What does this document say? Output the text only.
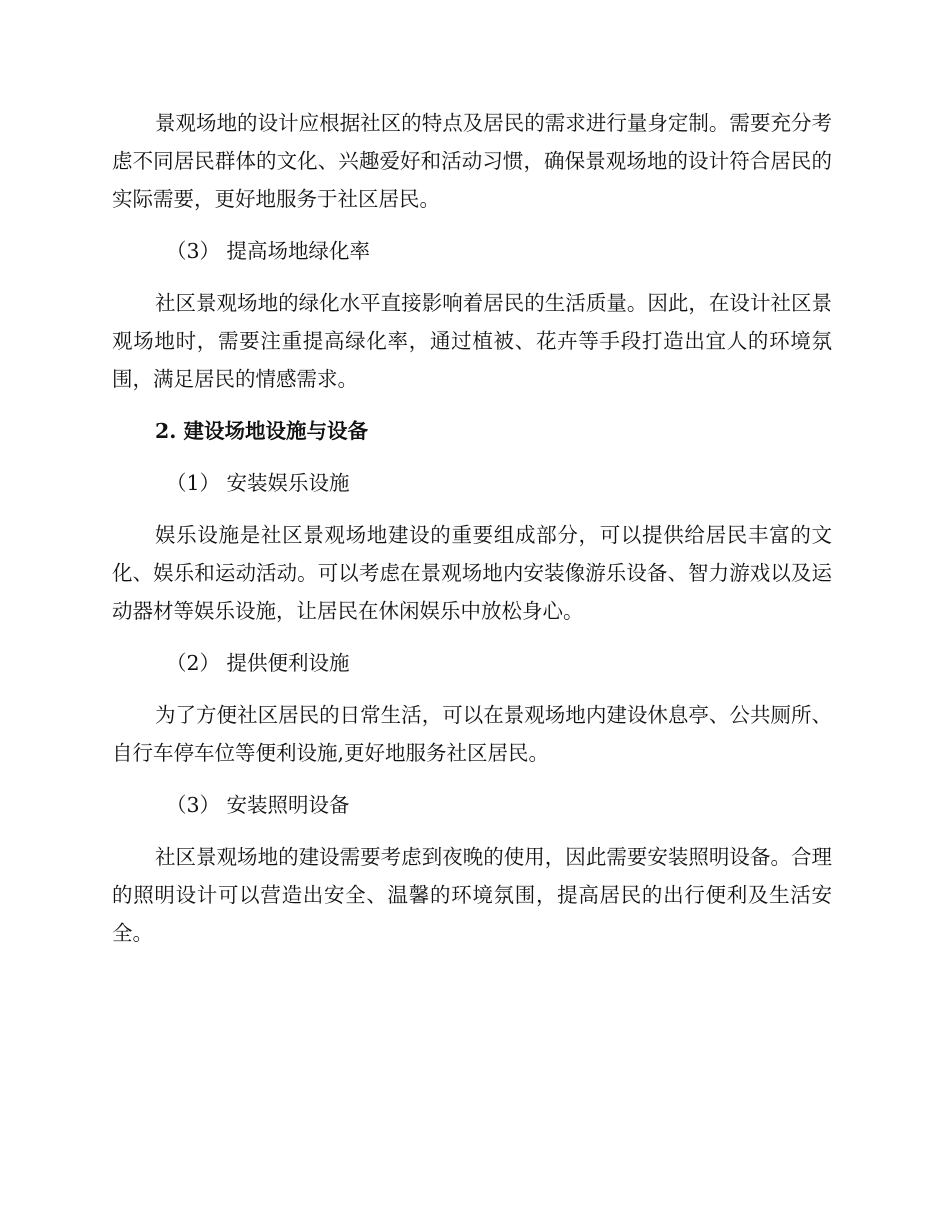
景观场地的设计应根据社区的特点及居民的需求进行量身定制。需要充分考虑不同居民群体的文化、兴趣爱好和活动习惯，确保景观场地的设计符合居民的实际需要，更好地服务于社区居民。

（3） 提高场地绿化率

社区景观场地的绿化水平直接影响着居民的生活质量。因此，在设计社区景观场地时，需要注重提高绿化率，通过植被、花卉等手段打造出宜人的环境氛围，满足居民的情感需求。

2. 建设场地设施与设备

（1） 安装娱乐设施

娱乐设施是社区景观场地建设的重要组成部分，可以提供给居民丰富的文化、娱乐和运动活动。可以考虑在景观场地内安装像游乐设备、智力游戏以及运动器材等娱乐设施，让居民在休闲娱乐中放松身心。

（2） 提供便利设施

为了方便社区居民的日常生活，可以在景观场地内建设休息亭、公共厕所、自行车停车位等便利设施,更好地服务社区居民。

（3） 安装照明设备

社区景观场地的建设需要考虑到夜晚的使用，因此需要安装照明设备。合理的照明设计可以营造出安全、温馨的环境氛围，提高居民的出行便利及生活安全。
